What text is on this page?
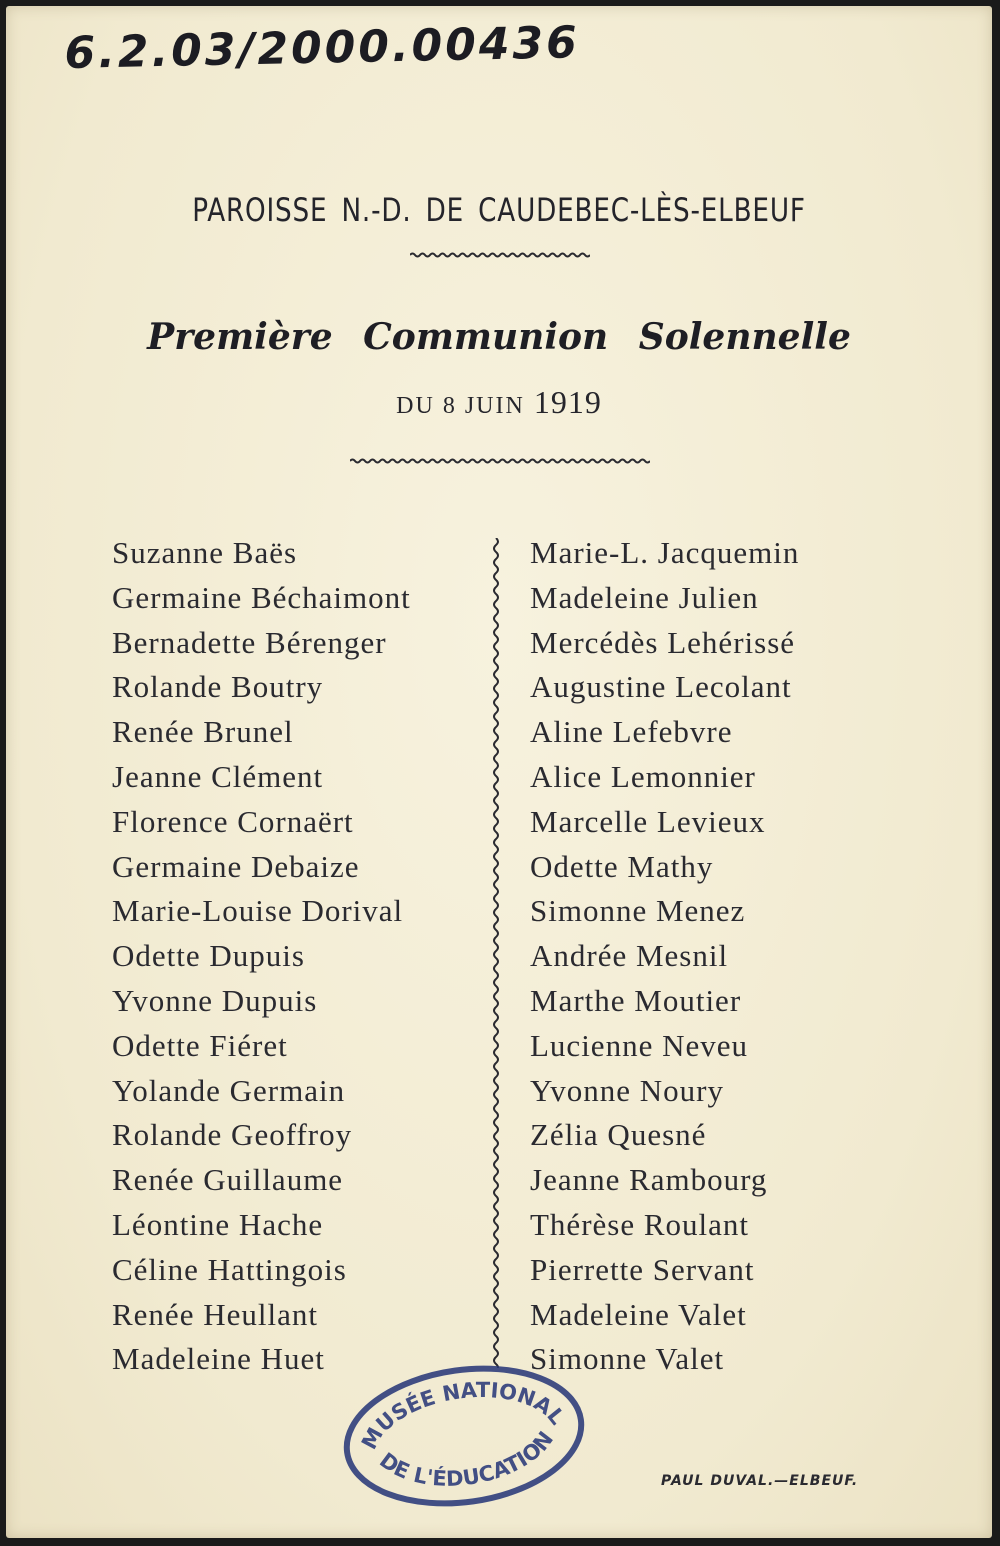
6.2.03/2000.00436
PAROISSE N.-D. DE CAUDEBEC-LÈS-ELBEUF
Première Communion Solennelle
DU 8 JUIN 1919
Suzanne Baës
Germaine Béchaimont
Bernadette Bérenger
Rolande Boutry
Renée Brunel
Jeanne Clément
Florence Cornaërt
Germaine Debaize
Marie-Louise Dorival
Odette Dupuis
Yvonne Dupuis
Odette Fiéret
Yolande Germain
Rolande Geoffroy
Renée Guillaume
Léontine Hache
Céline Hattingois
Renée Heullant
Madeleine Huet
Marie-L. Jacquemin
Madeleine Julien
Mercédès Lehérissé
Augustine Lecolant
Aline Lefebvre
Alice Lemonnier
Marcelle Levieux
Odette Mathy
Simonne Menez
Andrée Mesnil
Marthe Moutier
Lucienne Neveu
Yvonne Noury
Zélia Quesné
Jeanne Rambourg
Thérèse Roulant
Pierrette Servant
Madeleine Valet
Simonne Valet
MUSÉE NATIONAL
DE L'ÉDUCATION
PAUL DUVAL.—ELBEUF.
